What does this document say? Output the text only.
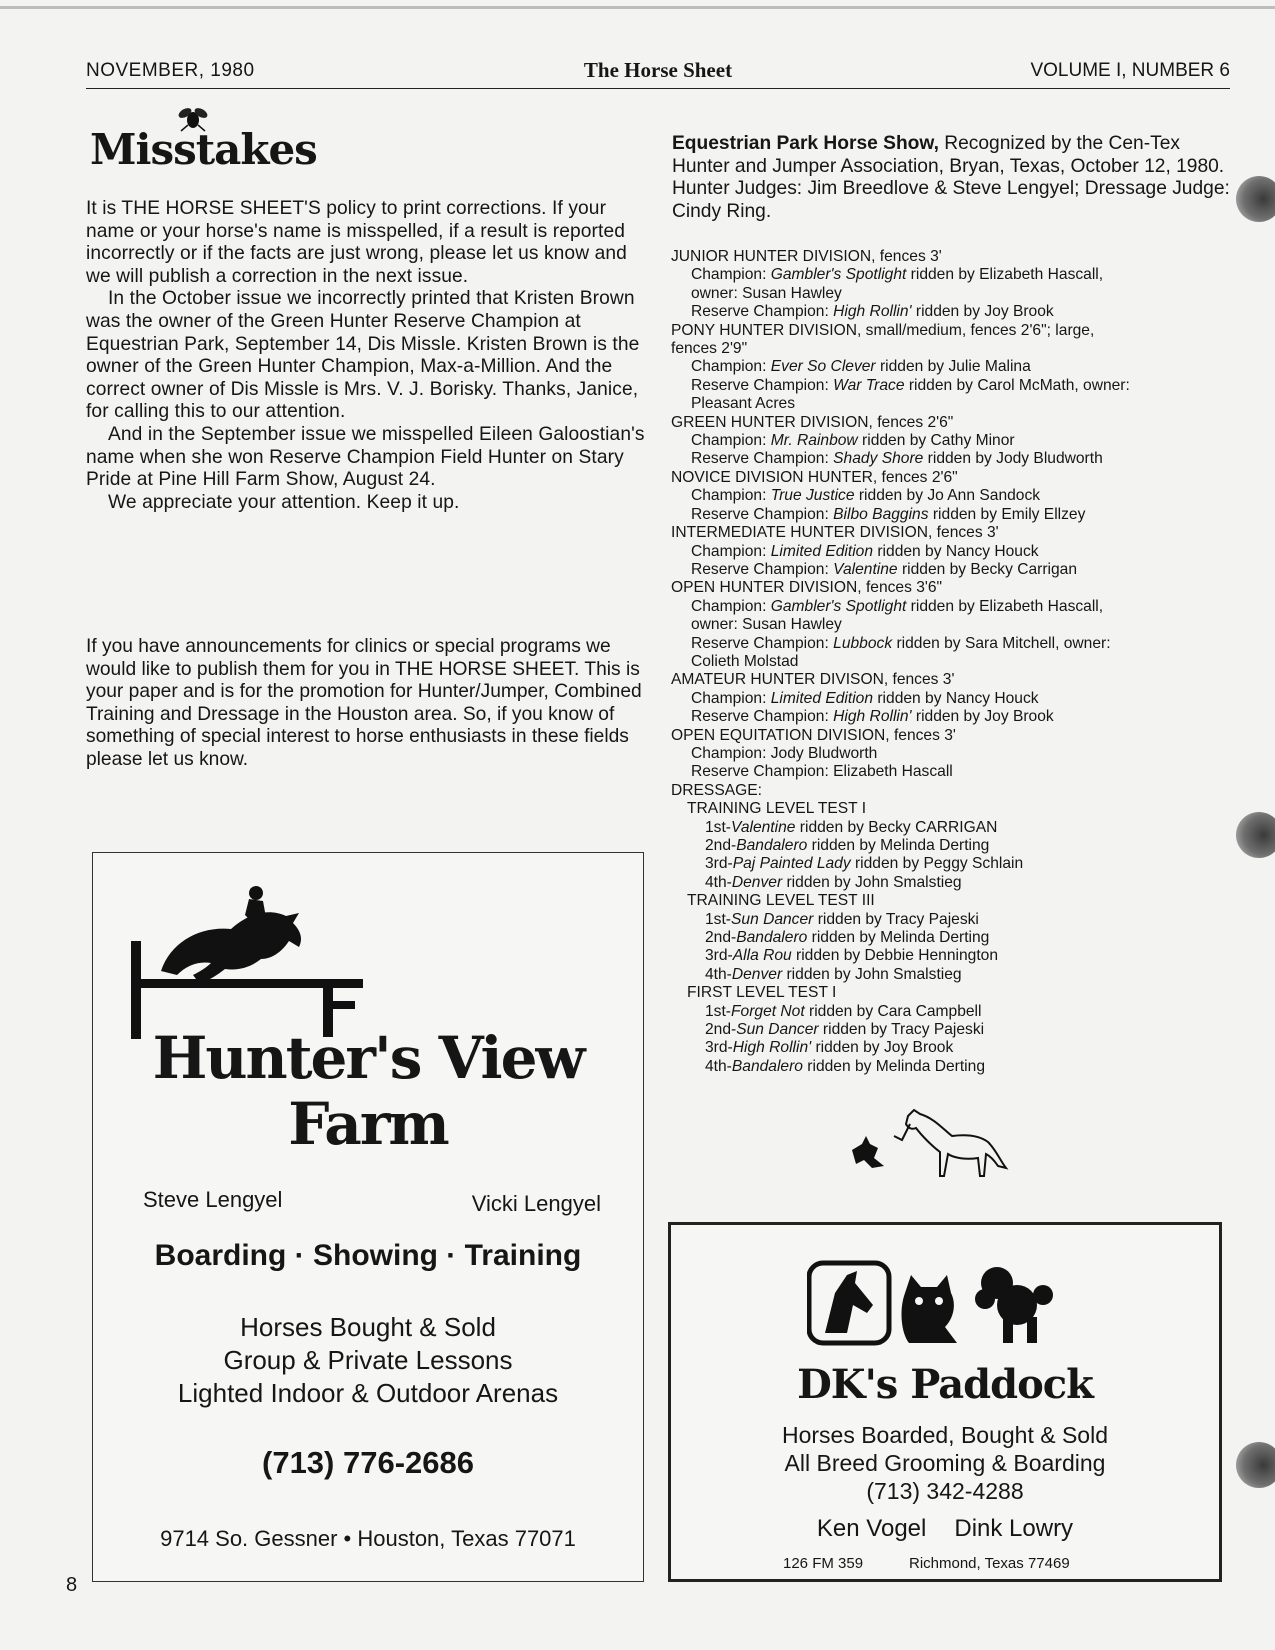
NOVEMBER, 1980	The Horse Sheet	VOLUME I, NUMBER 6
Misstakes

It is THE HORSE SHEET'S policy to print corrections. If your name or your horse's name is misspelled, if a result is reported incorrectly or if the facts are just wrong, please let us know and we will publish a correction in the next issue.

In the October issue we incorrectly printed that Kristen Brown was the owner of the Green Hunter Reserve Champion at Equestrian Park, September 14, Dis Missle. Kristen Brown is the owner of the Green Hunter Champion, Max-a-Million. And the correct owner of Dis Missle is Mrs. V. J. Borisky. Thanks, Janice, for calling this to our attention.

And in the September issue we misspelled Eileen Galoostian's name when she won Reserve Champion Field Hunter on Stary Pride at Pine Hill Farm Show, August 24.

We appreciate your attention. Keep it up.

If you have announcements for clinics or special programs we would like to publish them for you in THE HORSE SHEET. This is your paper and is for the promotion for Hunter/Jumper, Combined Training and Dressage in the Houston area. So, if you know of something of special interest to horse enthusiasts in these fields please let us know.

Hunter's View
Farm
Steve Lengyel	Vicki Lengyel
Boarding · Showing · Training
Horses Bought & Sold
Group & Private Lessons
Lighted Indoor & Outdoor Arenas
(713) 776-2686
9714 So. Gessner • Houston, Texas 77071
8
Equestrian Park Horse Show, Recognized by the Cen-Tex Hunter and Jumper Association, Bryan, Texas, October 12, 1980. Hunter Judges: Jim Breedlove & Steve Lengyel; Dressage Judge: Cindy Ring.

JUNIOR HUNTER DIVISION, fences 3'

Champion: Gambler's Spotlight ridden by Elizabeth Hascall,

owner: Susan Hawley

Reserve Champion: High Rollin' ridden by Joy Brook

PONY HUNTER DIVISION, small/medium, fences 2'6"; large,

fences 2'9"

Champion: Ever So Clever ridden by Julie Malina

Reserve Champion: War Trace ridden by Carol McMath, owner:

Pleasant Acres

GREEN HUNTER DIVISION, fences 2'6"

Champion: Mr. Rainbow ridden by Cathy Minor

Reserve Champion: Shady Shore ridden by Jody Bludworth

NOVICE DIVISION HUNTER, fences 2'6"

Champion: True Justice ridden by Jo Ann Sandock

Reserve Champion: Bilbo Baggins ridden by Emily Ellzey

INTERMEDIATE HUNTER DIVISION, fences 3'

Champion: Limited Edition ridden by Nancy Houck

Reserve Champion: Valentine ridden by Becky Carrigan

OPEN HUNTER DIVISION, fences 3'6"

Champion: Gambler's Spotlight ridden by Elizabeth Hascall,

owner: Susan Hawley

Reserve Champion: Lubbock ridden by Sara Mitchell, owner:

Colieth Molstad

AMATEUR HUNTER DIVISON, fences 3'

Champion: Limited Edition ridden by Nancy Houck

Reserve Champion: High Rollin' ridden by Joy Brook

OPEN EQUITATION DIVISION, fences 3'

Champion: Jody Bludworth

Reserve Champion: Elizabeth Hascall

DRESSAGE:

TRAINING LEVEL TEST I

1st-Valentine ridden by Becky CARRIGAN

2nd-Bandalero ridden by Melinda Derting

3rd-Paj Painted Lady ridden by Peggy Schlain

4th-Denver ridden by John Smalstieg

TRAINING LEVEL TEST III

1st-Sun Dancer ridden by Tracy Pajeski

2nd-Bandalero ridden by Melinda Derting

3rd-Alla Rou ridden by Debbie Hennington

4th-Denver ridden by John Smalstieg

FIRST LEVEL TEST I

1st-Forget Not ridden by Cara Campbell

2nd-Sun Dancer ridden by Tracy Pajeski

3rd-High Rollin' ridden by Joy Brook

4th-Bandalero ridden by Melinda Derting

DK's Paddock
Horses Boarded, Bought & Sold
All Breed Grooming & Boarding
(713) 342-4288
Ken Vogel Dink Lowry
126 FM 359	Richmond, Texas 77469
